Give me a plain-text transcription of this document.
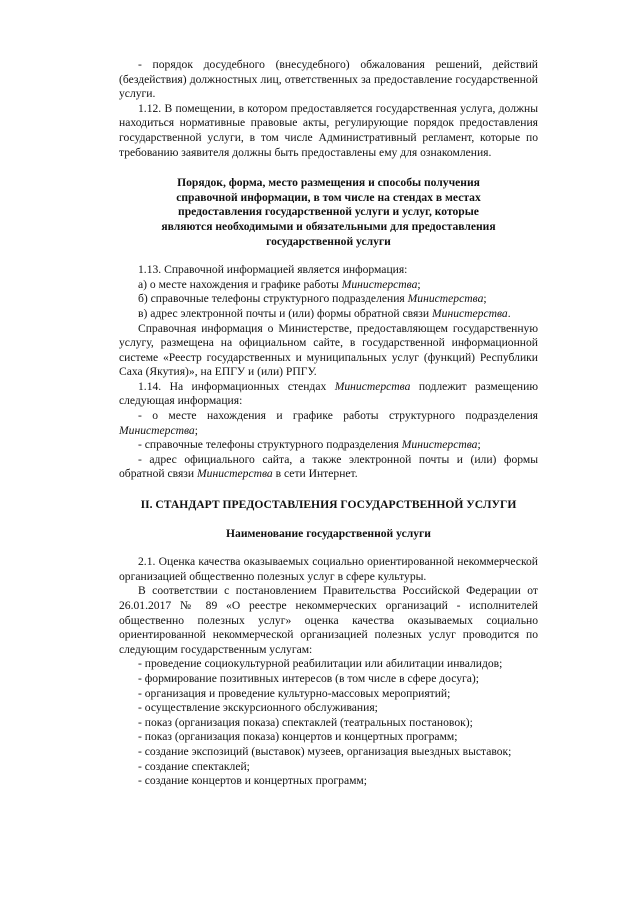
- порядок досудебного (внесудебного) обжалования решений, действий (бездействия) должностных лиц, ответственных за предоставление государственной услуги.

1.12. В помещении, в котором предоставляется государственная услуга, должны находиться нормативные правовые акты, регулирующие порядок предоставления государственной услуги, в том числе Административный регламент, которые по требованию заявителя должны быть предоставлены ему для ознакомления.

Порядок, форма, место размещения и способы получения

справочной информации, в том числе на стендах в местах

предоставления государственной услуги и услуг, которые

являются необходимыми и обязательными для предоставления

государственной услуги

1.13. Справочной информацией является информация:

а) о месте нахождения и графике работы Министерства;

б) справочные телефоны структурного подразделения Министерства;

в) адрес электронной почты и (или) формы обратной связи Министерства.

Справочная информация о Министерстве, предоставляющем государственную услугу, размещена на официальном сайте, в государственной информационной системе «Реестр государственных и муниципальных услуг (функций) Республики Саха (Якутия)», на ЕПГУ и (или) РПГУ.

1.14. На информационных стендах Министерства подлежит размещению следующая информация:

- о месте нахождения и графике работы структурного подразделения Министерства;

- справочные телефоны структурного подразделения Министерства;

- адрес официального сайта, а также электронной почты и (или) формы обратной связи Министерства в сети Интернет.

II. СТАНДАРТ ПРЕДОСТАВЛЕНИЯ ГОСУДАРСТВЕННОЙ УСЛУГИ

Наименование государственной услуги

2.1. Оценка качества оказываемых социально ориентированной некоммерческой организацией общественно полезных услуг в сфере культуры.

В соответствии с постановлением Правительства Российской Федерации от 26.01.2017 № 89 «О реестре некоммерческих организаций - исполнителей общественно полезных услуг» оценка качества оказываемых социально ориентированной некоммерческой организацией полезных услуг проводится по следующим государственным услугам:

- проведение социокультурной реабилитации или абилитации инвалидов;

- формирование позитивных интересов (в том числе в сфере досуга);

- организация и проведение культурно-массовых мероприятий;

- осуществление экскурсионного обслуживания;

- показ (организация показа) спектаклей (театральных постановок);

- показ (организация показа) концертов и концертных программ;

- создание экспозиций (выставок) музеев, организация выездных выставок;

- создание спектаклей;

- создание концертов и концертных программ;
